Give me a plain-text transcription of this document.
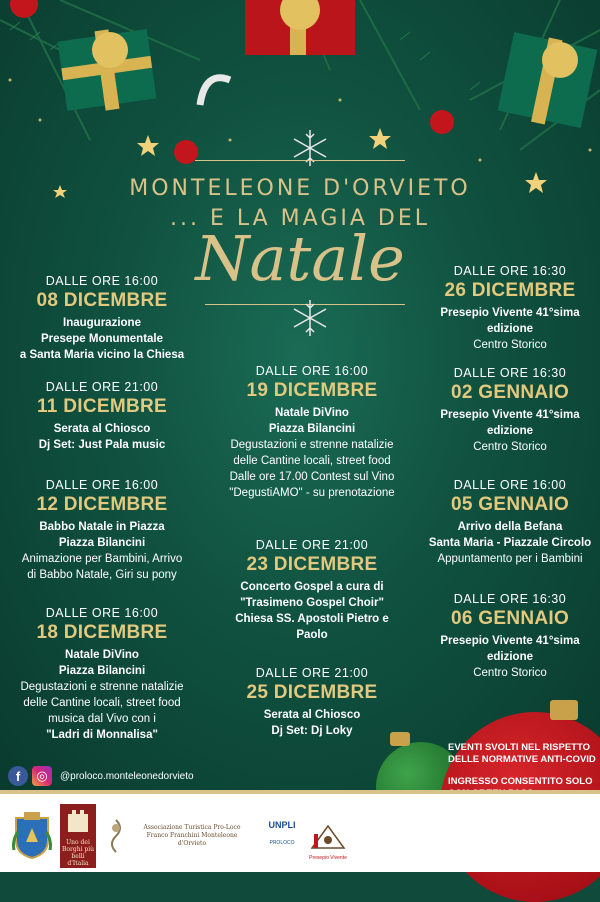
MONTELEONE D'ORVIETO
... E LA MAGIA DEL
Natale
DALLE ORE 16:00
08 DICEMBRE
Inaugurazione
Presepe Monumentale
a Santa Maria vicino la Chiesa
DALLE ORE 21:00
11 DICEMBRE
Serata al Chiosco
Dj Set: Just Pala music
DALLE ORE 16:00
12 DICEMBRE
Babbo Natale in Piazza
Piazza Bilancini
Animazione per Bambini, Arrivo
di Babbo Natale, Giri su pony
DALLE ORE 16:00
18 DICEMBRE
Natale DiVino
Piazza Bilancini
Degustazioni e strenne natalizie
delle Cantine locali, street food
musica dal Vivo con i
"Ladri di Monnalisa"
DALLE ORE 16:00
19 DICEMBRE
Natale DiVino
Piazza Bilancini
Degustazioni e strenne natalizie
delle Cantine locali, street food
Dalle ore 17.00 Contest sul Vino
"DegustiAMO" - su prenotazione
DALLE ORE 21:00
23 DICEMBRE
Concerto Gospel a cura di
"Trasimeno Gospel Choir"
Chiesa SS. Apostoli Pietro e
Paolo
DALLE ORE 21:00
25 DICEMBRE
Serata al Chiosco
Dj Set: Dj Loky
DALLE ORE 16:30
26 DICEMBRE
Presepio Vivente 41°sima
edizione
Centro Storico
DALLE ORE 16:30
02 GENNAIO
Presepio Vivente 41°sima
edizione
Centro Storico
DALLE ORE 16:00
05 GENNAIO
Arrivo della Befana
Santa Maria - Piazzale Circolo
Appuntamento per i Bambini
DALLE ORE 16:30
06 GENNAIO
Presepio Vivente 41°sima
edizione
Centro Storico

EVENTI SVOLTI NEL RISPETTO DELLE NORMATIVE ANTI-COVID

INGRESSO CONSENTITO SOLO

f	◎	@proloco.monteleonedorvieto
Uno dei Borghi più belli d'Italia
Associazione Turistica Pro-Loco Franco Franchini Monteleone d'Orvieto
UNPLI
PROLOCO
Presepio Vivente
